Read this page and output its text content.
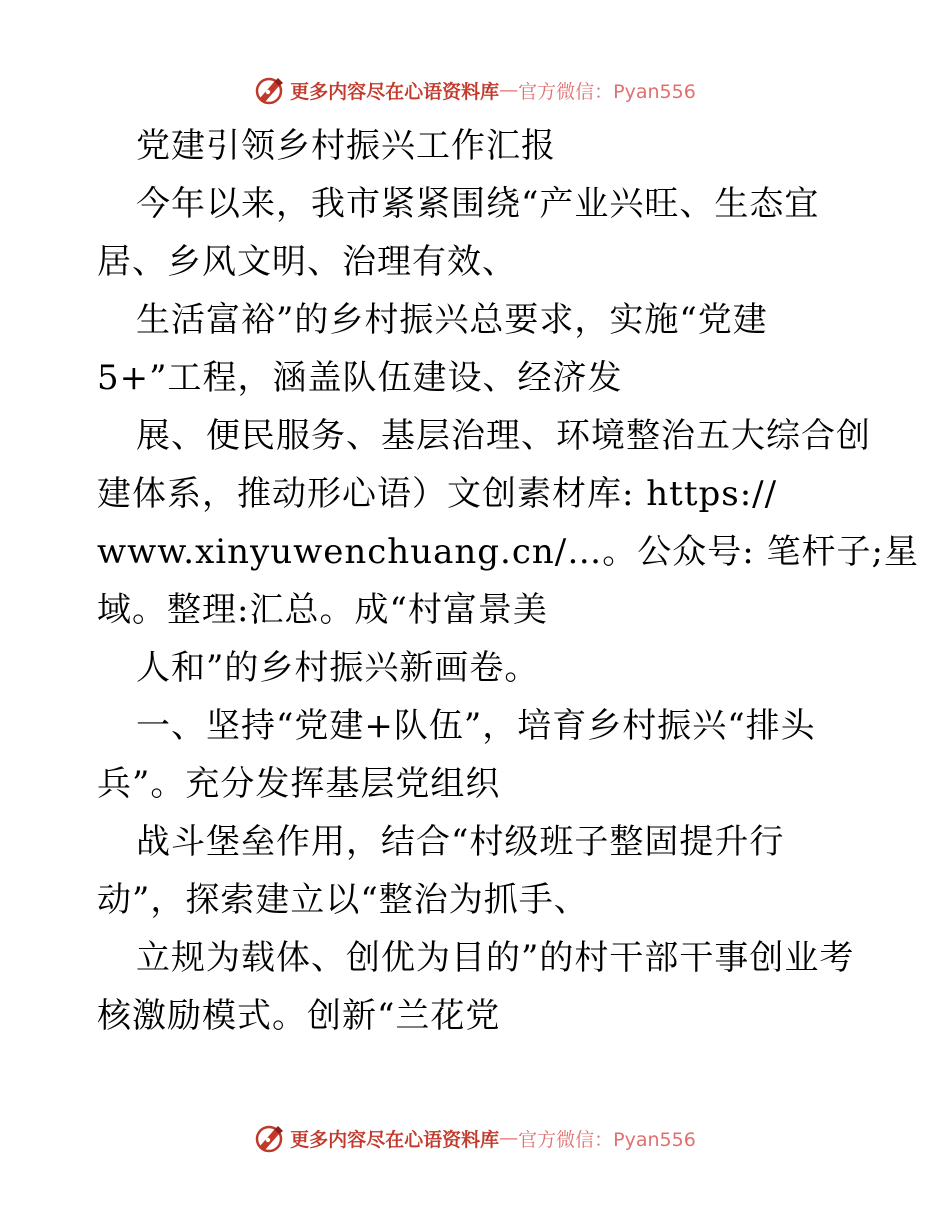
更多内容尽在心语资料库 — 官方微信：Pyan556
党建引领乡村振兴工作汇报
今年以来，我市紧紧围绕“产业兴旺、生态宜
居、乡风文明、治理有效、
生活富裕”的乡村振兴总要求，实施“党建
5+”工程，涵盖队伍建设、经济发
展、便民服务、基层治理、环境整治五大综合创
建体系，推动形心语）文创素材库: https://
www.xinyuwenchuang.cn/…。公众号: 笔杆子;星
域。整理:汇总。成“村富景美
人和”的乡村振兴新画卷。
一、坚持“党建+队伍”，培育乡村振兴“排头
兵”。充分发挥基层党组织
战斗堡垒作用，结合“村级班子整固提升行
动”，探索建立以“整治为抓手、
立规为载体、创优为目的”的村干部干事创业考
核激励模式。创新“兰花党
更多内容尽在心语资料库 — 官方微信：Pyan556
